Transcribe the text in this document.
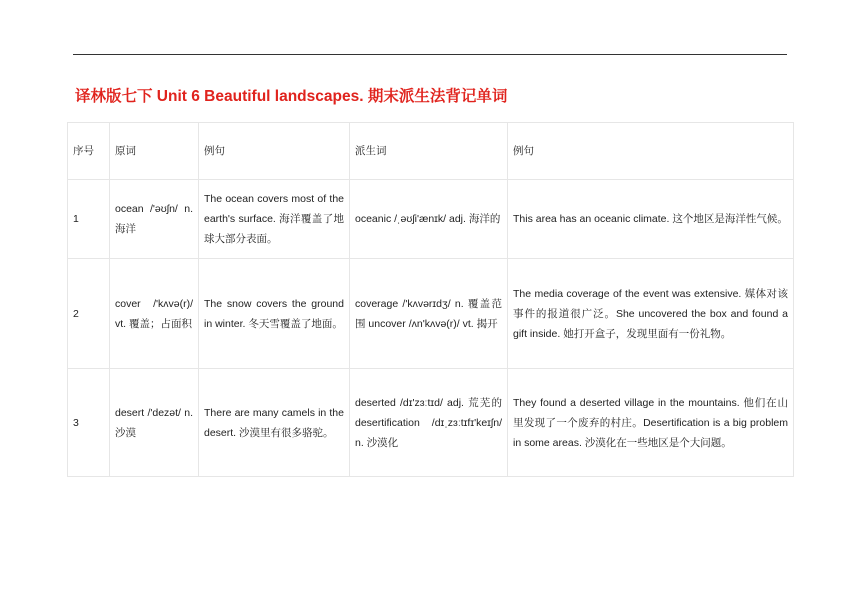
译林版七下 Unit 6 Beautiful landscapes. 期末派生法背记单词
序号	原词	例句	派生词	例句
1	ocean /'əʊʃn/ n. 海洋	The ocean covers most of the earth's surface. 海洋覆盖了地球大部分表面。	oceanic /ˌəʊʃi'ænɪk/ adj. 海洋的	This area has an oceanic climate. 这个地区是海洋性气候。
2	cover /'kʌvə(r)/ vt. 覆盖；占面积	The snow covers the ground in winter. 冬天雪覆盖了地面。	coverage /'kʌvərɪdʒ/ n. 覆盖范围 uncover /ʌn'kʌvə(r)/ vt. 揭开	The media coverage of the event was extensive. 媒体对该事件的报道很广泛。She uncovered the box and found a gift inside. 她打开盒子，发现里面有一份礼物。
3	desert /'dezət/ n. 沙漠	There are many camels in the desert. 沙漠里有很多骆驼。	deserted /dɪ'zɜːtɪd/ adj. 荒芜的 desertification /dɪˌzɜːtɪfɪ'keɪʃn/ n. 沙漠化	They found a deserted village in the mountains. 他们在山里发现了一个废弃的村庄。Desertification is a big problem in some areas. 沙漠化在一些地区是个大问题。
